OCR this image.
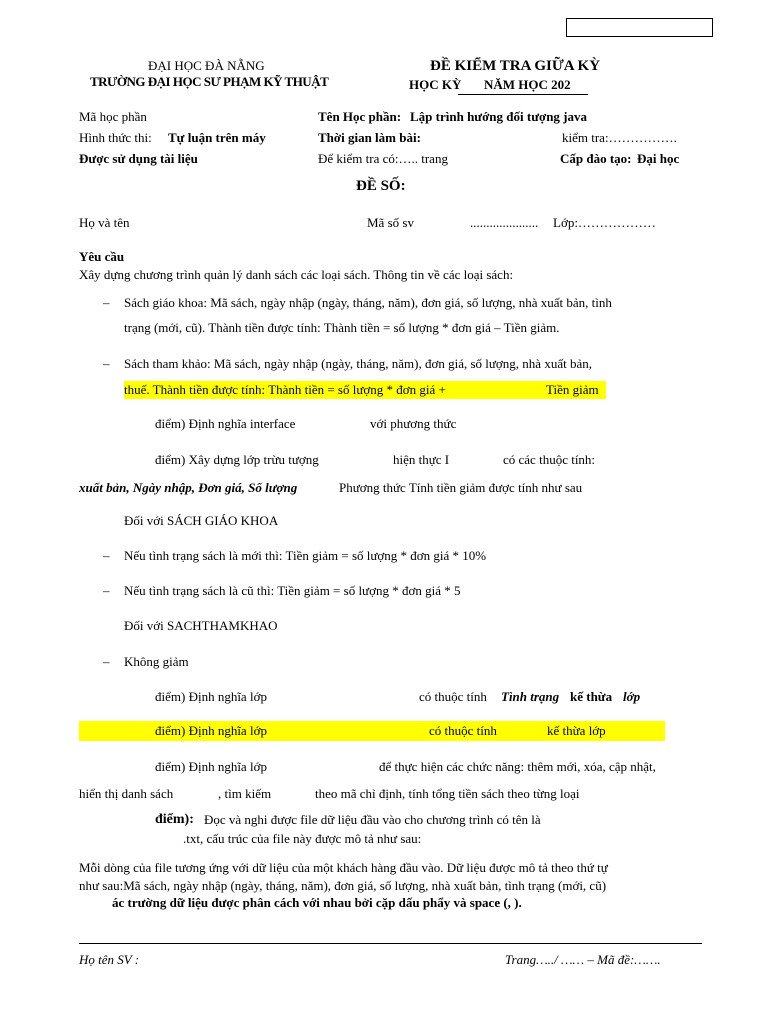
ĐẠI HỌC ĐÀ NẴNG
TRƯỜNG ĐẠI HỌC SƯ PHẠM KỸ THUẬT
ĐỀ KIỂM TRA GIỮA KỲ
HỌC KỲ NĂM HỌC 202
Mã học phần	Tên Học phần: Lập trình hướng đối tượng java
Hình thức thi: Tự luận trên máy	Thời gian làm bài:	kiểm tra:…………….
Được sử dụng tài liệu	Để kiểm tra có:….. trang	Cấp đào tạo: Đại học
ĐỀ SỐ:
Họ và tên	Mã số sv	..................... Lớp:………………
Yêu cầu
Xây dựng chương trình quản lý danh sách các loại sách. Thông tin về các loại sách:
– Sách giáo khoa: Mã sách, ngày nhập (ngày, tháng, năm), đơn giá, số lượng, nhà xuất bản, tình
trạng (mới, cũ). Thành tiền được tính: Thành tiền = số lượng * đơn giá – Tiền giảm.
– Sách tham khảo: Mã sách, ngày nhập (ngày, tháng, năm), đơn giá, số lượng, nhà xuất bản,
thuế. Thành tiền được tính: Thành tiền = số lượng * đơn giá +	Tiền giảm
điểm) Định nghĩa interface	với phương thức
điểm) Xây dựng lớp trừu tượng	hiện thực I	có các thuộc tính:
xuất bản, Ngày nhập, Đơn giá, Số lượng	Phương thức Tính tiền giảm được tính như sau
Đối với SÁCH GIÁO KHOA
– Nếu tình trạng sách là mới thì: Tiền giảm = số lượng * đơn giá * 10%
– Nếu tình trạng sách là cũ thì: Tiền giảm = số lượng * đơn giá * 5
Đối với SACHTHAMKHAO
– Không giảm
điểm) Định nghĩa lớp	có thuộc tính Tình trạng kế thừa lớp
điểm) Định nghĩa lớp	có thuộc tính	kế thừa lớp
điểm) Định nghĩa lớp	để thực hiện các chức năng: thêm mới, xóa, cập nhật,
hiển thị danh sách	, tìm kiếm	theo mã chỉ định, tính tổng tiền sách theo từng loại
điểm): Đọc và nghi được file dữ liệu đầu vào cho chương trình có tên là
.txt, cấu trúc của file này được mô tả như sau:
Mỗi dòng của file tương ứng với dữ liệu của một khách hàng đầu vào. Dữ liệu được mô tả theo thứ tự
như sau:Mã sách, ngày nhập (ngày, tháng, năm), đơn giá, số lượng, nhà xuất bản, tình trạng (mới, cũ)
ác trường dữ liệu được phân cách với nhau bởi cặp dấu phẩy và space (, ).
Họ tên SV :	Trang…../ …… – Mã đề:…….
